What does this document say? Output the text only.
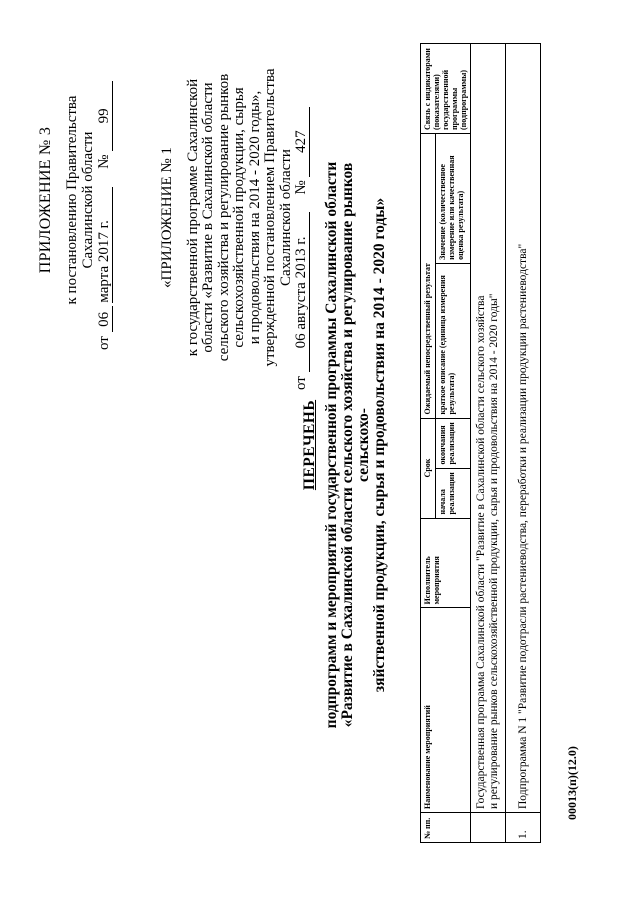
ПРИЛОЖЕНИЕ № 3 к постановлению Правительства Сахалинской области
от 06 марта 2017 г. № 99
«ПРИЛОЖЕНИЕ № 1 к государственной программе Сахалинской области «Развитие в Сахалинской области сельского хозяйства и регулирование рынков сельскохозяйственной продукции, сырья и продовольствия на 2014 - 2020 годы», утвержденной постановлением Правительства Сахалинской области
от 06 августа 2013 г. № 427
ПЕРЕЧЕНЬ подпрограмм и мероприятий государственной программы Сахалинской области «Развитие в Сахалинской области сельского хозяйства и регулирование рынков сельскохо- зяйственной продукции, сырья и продовольствия на 2014 - 2020 годы»
№ пп.	Наименование мероприятий	Исполнитель мероприятия	Срок		Ожидаемый непосредственный результат		Связь с индикаторами (показателями) государственной программы (подпрограммы)
			начала реализации	окончания реализации	краткое описание (единица измерения результата)	Значение (количественное измерение или качественная оценка результата)	

	Государственная программа Сахалинской области "Развитие в Сахалинской области сельского хозяйства и регулирование рынков сельскохозяйственной продукции, сырья и продовольствия на 2014 - 2020 годы"						

1.	Подпрограмма N 1 "Развитие подотрасли растениеводства, переработки и реализации продукции растениеводства"							00013(п)(12.0)
